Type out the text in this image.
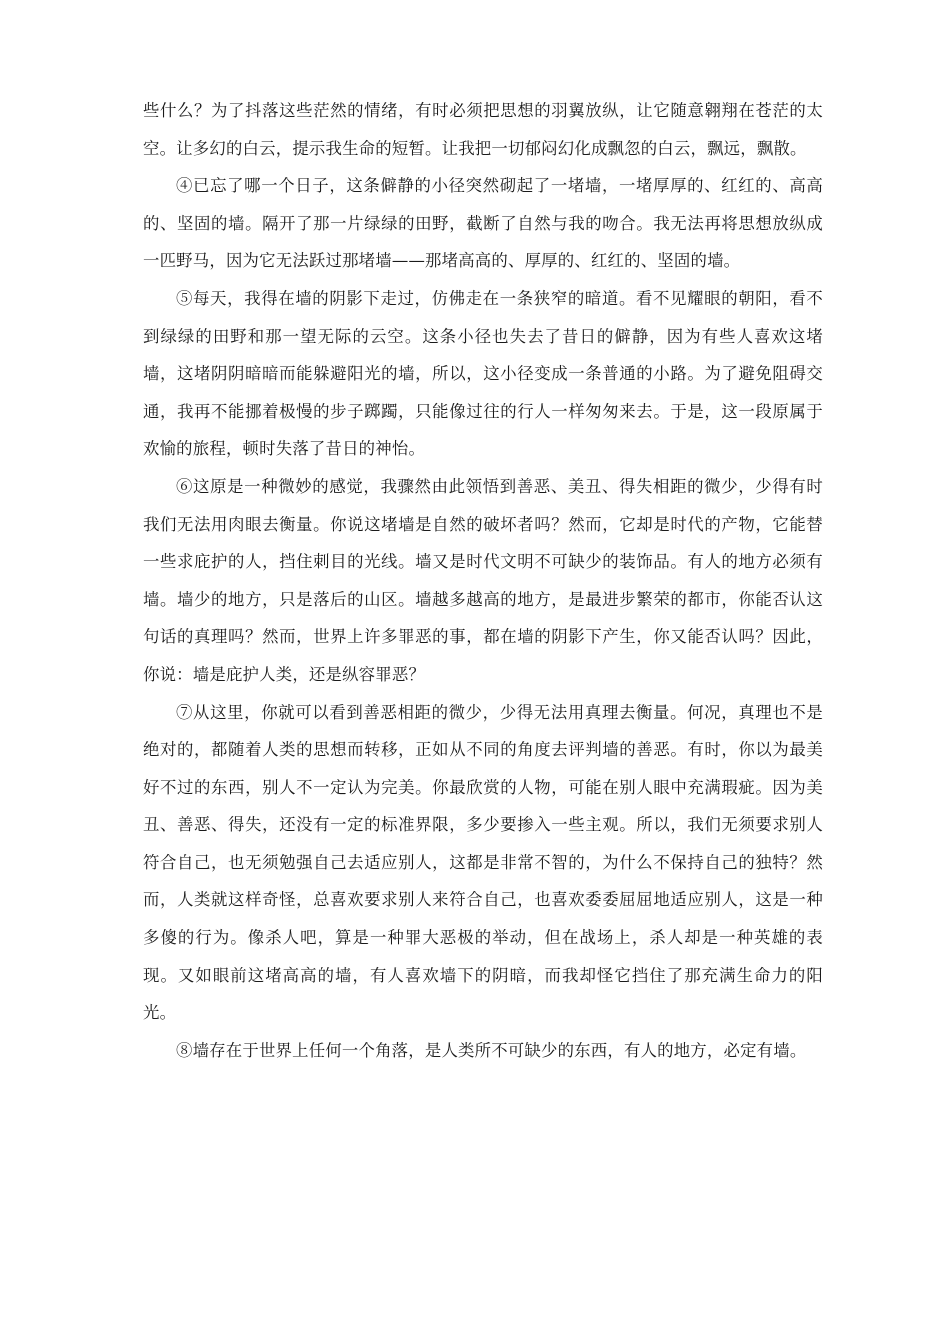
些什么？为了抖落这些茫然的情绪，有时必须把思想的羽翼放纵，让它随意翱翔在苍茫的太空。让多幻的白云，提示我生命的短暂。让我把一切郁闷幻化成飘忽的白云，飘远，飘散。

④已忘了哪一个日子，这条僻静的小径突然砌起了一堵墙，一堵厚厚的、红红的、高高的、坚固的墙。隔开了那一片绿绿的田野，截断了自然与我的吻合。我无法再将思想放纵成一匹野马，因为它无法跃过那堵墙——那堵高高的、厚厚的、红红的、坚固的墙。

⑤每天，我得在墙的阴影下走过，仿佛走在一条狭窄的暗道。看不见耀眼的朝阳，看不到绿绿的田野和那一望无际的云空。这条小径也失去了昔日的僻静，因为有些人喜欢这堵墙，这堵阴阴暗暗而能躲避阳光的墙，所以，这小径变成一条普通的小路。为了避免阻碍交通，我再不能挪着极慢的步子踯躅，只能像过往的行人一样匆匆来去。于是，这一段原属于欢愉的旅程，顿时失落了昔日的神怡。

⑥这原是一种微妙的感觉，我骤然由此领悟到善恶、美丑、得失相距的微少，少得有时我们无法用肉眼去衡量。你说这堵墙是自然的破坏者吗？然而，它却是时代的产物，它能替一些求庇护的人，挡住刺目的光线。墙又是时代文明不可缺少的装饰品。有人的地方必须有墙。墙少的地方，只是落后的山区。墙越多越高的地方，是最进步繁荣的都市，你能否认这句话的真理吗？然而，世界上许多罪恶的事，都在墙的阴影下产生，你又能否认吗？因此，你说：墙是庇护人类，还是纵容罪恶？

⑦从这里，你就可以看到善恶相距的微少，少得无法用真理去衡量。何况，真理也不是绝对的，都随着人类的思想而转移，正如从不同的角度去评判墙的善恶。有时，你以为最美好不过的东西，别人不一定认为完美。你最欣赏的人物，可能在别人眼中充满瑕疵。因为美丑、善恶、得失，还没有一定的标准界限，多少要掺入一些主观。所以，我们无须要求别人符合自己，也无须勉强自己去适应别人，这都是非常不智的，为什么不保持自己的独特？然而，人类就这样奇怪，总喜欢要求别人来符合自己，也喜欢委委屈屈地适应别人，这是一种多傻的行为。像杀人吧，算是一种罪大恶极的举动，但在战场上，杀人却是一种英雄的表现。又如眼前这堵高高的墙，有人喜欢墙下的阴暗，而我却怪它挡住了那充满生命力的阳光。

⑧墙存在于世界上任何一个角落，是人类所不可缺少的东西，有人的地方，必定有墙。
